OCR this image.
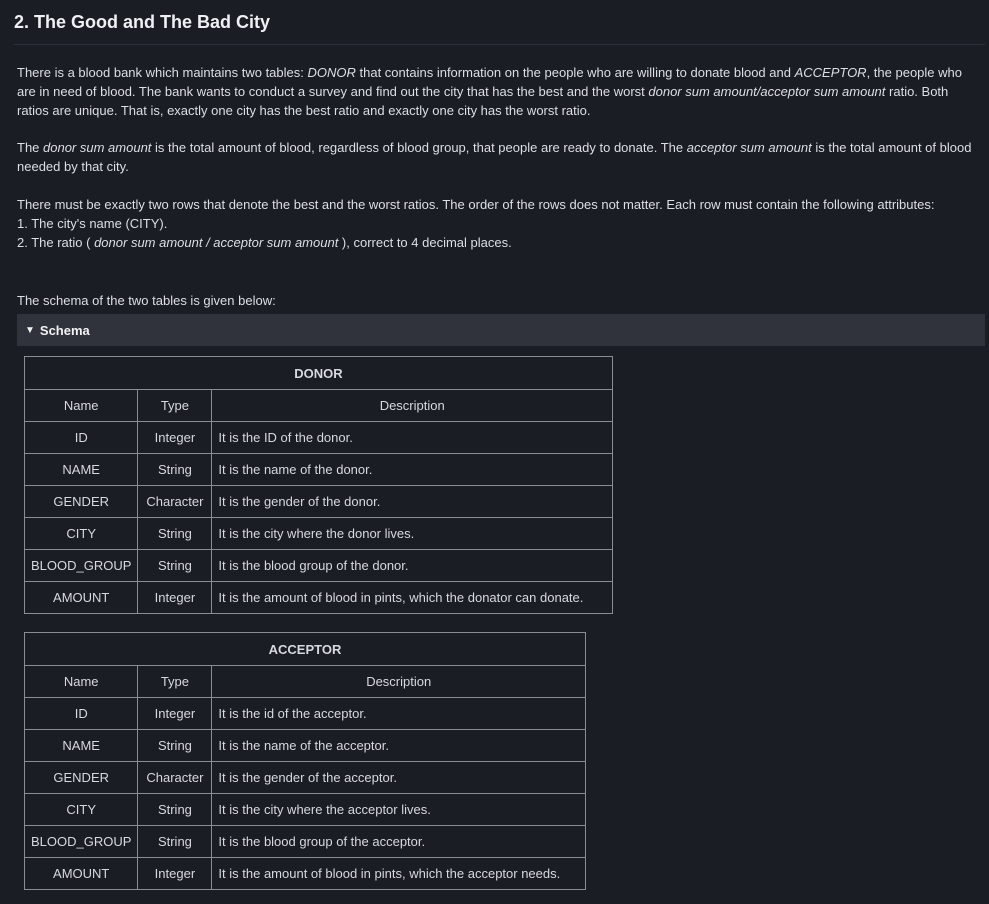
2. The Good and The Bad City

There is a blood bank which maintains two tables: DONOR that contains information on the people who are willing to donate blood and ACCEPTOR, the people who are in need of blood. The bank wants to conduct a survey and find out the city that has the best and the worst donor sum amount/acceptor sum amount ratio. Both ratios are unique. That is, exactly one city has the best ratio and exactly one city has the worst ratio.

The donor sum amount is the total amount of blood, regardless of blood group, that people are ready to donate. The acceptor sum amount is the total amount of blood needed by that city.

There must be exactly two rows that denote the best and the worst ratios. The order of the rows does not matter. Each row must contain the following attributes:
1. The city's name (CITY).
2. The ratio ( donor sum amount / acceptor sum amount ), correct to 4 decimal places.

The schema of the two tables is given below:

▼ Schema
DONOR		
Name	Type	Description
ID	Integer	It is the ID of the donor.
NAME	String	It is the name of the donor.
GENDER	Character	It is the gender of the donor.
CITY	String	It is the city where the donor lives.
BLOOD_GROUP	String	It is the blood group of the donor.
AMOUNT	Integer	It is the amount of blood in pints, which the donator can donate.
ACCEPTOR		
Name	Type	Description
ID	Integer	It is the id of the acceptor.
NAME	String	It is the name of the acceptor.
GENDER	Character	It is the gender of the acceptor.
CITY	String	It is the city where the acceptor lives.
BLOOD_GROUP	String	It is the blood group of the acceptor.
AMOUNT	Integer	It is the amount of blood in pints, which the acceptor needs.
